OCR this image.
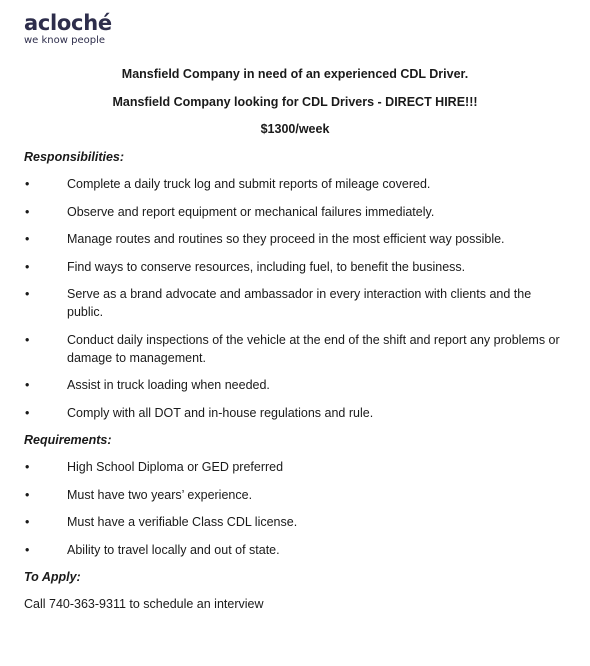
acloché
we know people
Mansfield Company in need of an experienced CDL Driver.
Mansfield Company looking for CDL Drivers - DIRECT HIRE!!!
$1300/week
Responsibilities:
•	Complete a daily truck log and submit reports of mileage covered.
•	Observe and report equipment or mechanical failures immediately.
•	Manage routes and routines so they proceed in the most efficient way possible.
•	Find ways to conserve resources, including fuel, to benefit the business.
•	Serve as a brand advocate and ambassador in every interaction with clients and the public.
•	Conduct daily inspections of the vehicle at the end of the shift and report any problems or damage to management.
•	Assist in truck loading when needed.
•	Comply with all DOT and in-house regulations and rule.
Requirements:
•	High School Diploma or GED preferred
•	Must have two years’ experience.
•	Must have a verifiable Class CDL license.
•	Ability to travel locally and out of state.
To Apply:
Call 740-363-9311 to schedule an interview
